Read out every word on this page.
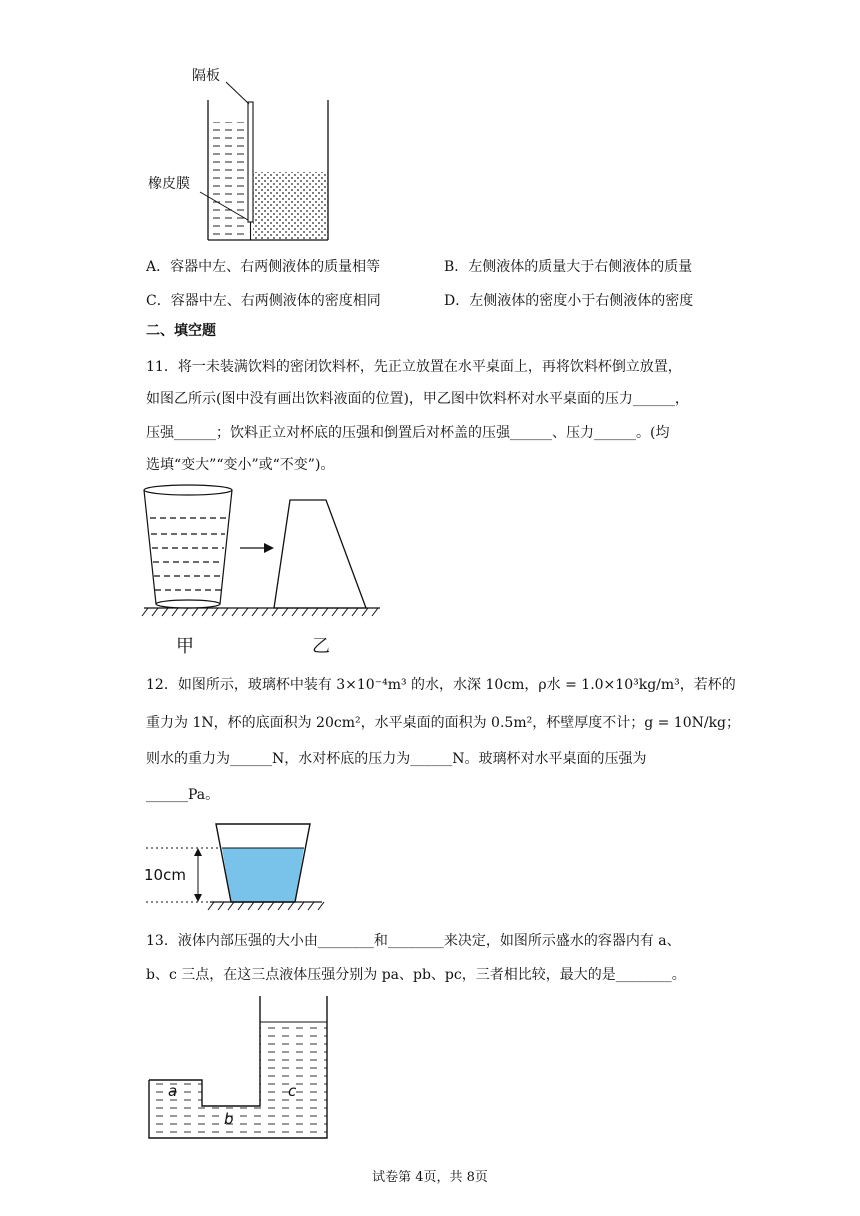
隔板
橡皮膜
A．容器中左、右两侧液体的质量相等	B．左侧液体的质量大于右侧液体的质量
C．容器中左、右两侧液体的密度相同	D．左侧液体的密度小于右侧液体的密度
二、填空题
11．将一未装满饮料的密闭饮料杯，先正立放置在水平桌面上，再将饮料杯倒立放置，
如图乙所示(图中没有画出饮料液面的位置)，甲乙图中饮料杯对水平桌面的压力______，
压强______；饮料正立对杯底的压强和倒置后对杯盖的压强______、压力______。(均
选填“变大”“变小”或“不变”)。
甲	乙
12．如图所示，玻璃杯中装有 3×10⁻⁴m³ 的水，水深 10cm，ρ水 = 1.0×10³kg/m³，若杯的
重力为 1N，杯的底面积为 20cm²，水平桌面的面积为 0.5m²，杯壁厚度不计；g = 10N/kg；
则水的重力为______N，水对杯底的压力为______N。玻璃杯对水平桌面的压强为
______Pa。
10cm
13．液体内部压强的大小由________和________来决定，如图所示盛水的容器内有 a、
b、c 三点，在这三点液体压强分别为 pa、pb、pc，三者相比较，最大的是________。
a
b
c
试卷第 4页，共 8页
